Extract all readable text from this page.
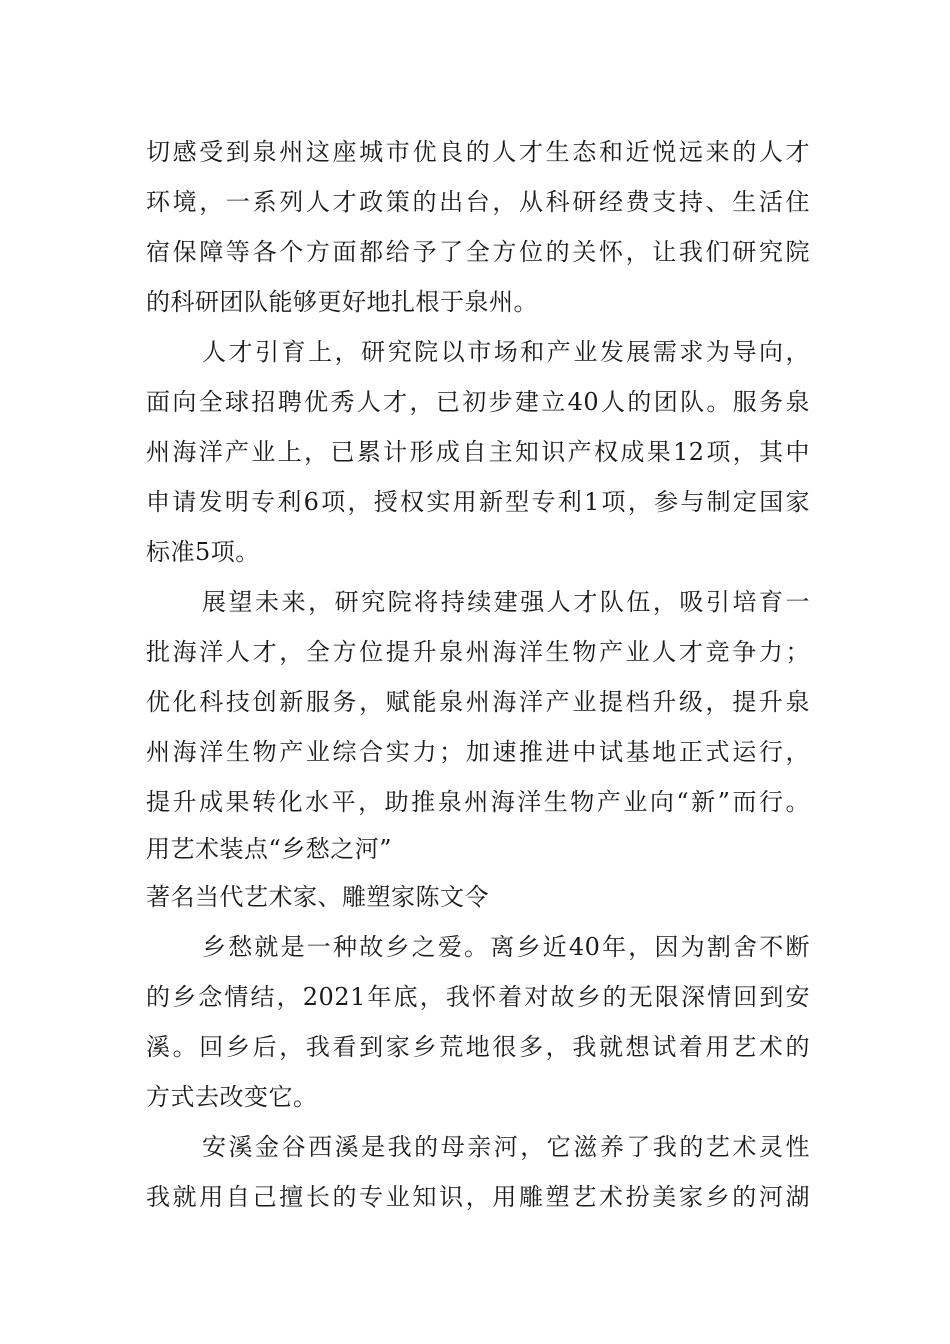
切感受到泉州这座城市优良的人才生态和近悦远来的人才
环境，一系列人才政策的出台，从科研经费支持、生活住
宿保障等各个方面都给予了全方位的关怀，让我们研究院
的科研团队能够更好地扎根于泉州。
人才引育上，研究院以市场和产业发展需求为导向，
面向全球招聘优秀人才，已初步建立40人的团队。服务泉
州海洋产业上，已累计形成自主知识产权成果12项，其中
申请发明专利6项，授权实用新型专利1项，参与制定国家
标准5项。
展望未来，研究院将持续建强人才队伍，吸引培育一
批海洋人才，全方位提升泉州海洋生物产业人才竞争力；
优化科技创新服务，赋能泉州海洋产业提档升级，提升泉
州海洋生物产业综合实力；加速推进中试基地正式运行，
提升成果转化水平，助推泉州海洋生物产业向“新”而行。
用艺术装点“乡愁之河”
著名当代艺术家、雕塑家陈文令
乡愁就是一种故乡之爱。离乡近40年，因为割舍不断
的乡念情结，2021年底，我怀着对故乡的无限深情回到安
溪。回乡后，我看到家乡荒地很多，我就想试着用艺术的
方式去改变它。
安溪金谷西溪是我的母亲河，它滋养了我的艺术灵性
我就用自己擅长的专业知识，用雕塑艺术扮美家乡的河湖
